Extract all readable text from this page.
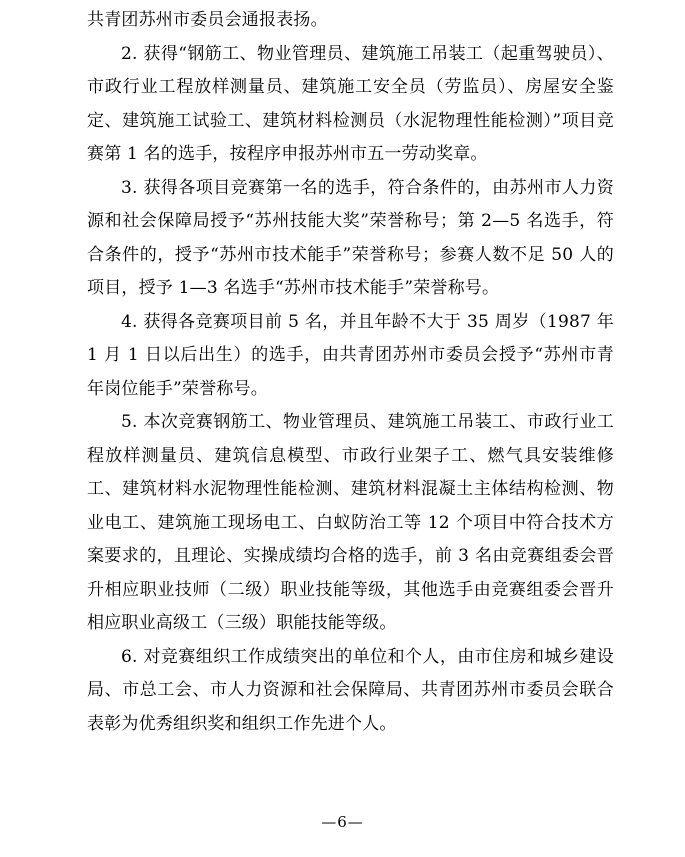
共青团苏州市委员会通报表扬。

2. 获得“钢筋工、物业管理员、建筑施工吊装工（起重驾驶员）、市政行业工程放样测量员、建筑施工安全员（劳监员）、房屋安全鉴定、建筑施工试验工、建筑材料检测员（水泥物理性能检测）”项目竞赛第 1 名的选手，按程序申报苏州市五一劳动奖章。

3. 获得各项目竞赛第一名的选手，符合条件的，由苏州市人力资源和社会保障局授予“苏州技能大奖”荣誉称号；第 2—5 名选手，符合条件的，授予“苏州市技术能手”荣誉称号；参赛人数不足 50 人的项目，授予 1—3 名选手“苏州市技术能手”荣誉称号。

4. 获得各竞赛项目前 5 名，并且年龄不大于 35 周岁（1987 年 1 月 1 日以后出生）的选手，由共青团苏州市委员会授予“苏州市青年岗位能手”荣誉称号。

5. 本次竞赛钢筋工、物业管理员、建筑施工吊装工、市政行业工程放样测量员、建筑信息模型、市政行业架子工、燃气具安装维修工、建筑材料水泥物理性能检测、建筑材料混凝土主体结构检测、物业电工、建筑施工现场电工、白蚁防治工等 12 个项目中符合技术方案要求的，且理论、实操成绩均合格的选手，前 3 名由竞赛组委会晋升相应职业技师（二级）职业技能等级，其他选手由竞赛组委会晋升相应职业高级工（三级）职能技能等级。

6. 对竞赛组织工作成绩突出的单位和个人，由市住房和城乡建设局、市总工会、市人力资源和社会保障局、共青团苏州市委员会联合表彰为优秀组织奖和组织工作先进个人。

—6—
